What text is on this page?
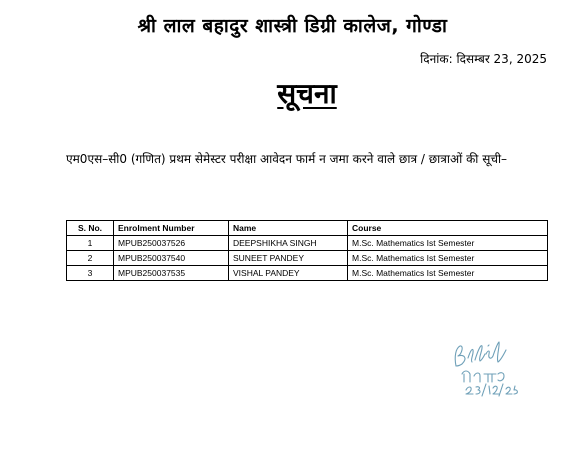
श्री लाल बहादुर शास्त्री डिग्री कालेज, गोण्डा
दिनांक: दिसम्बर 23, 2025
सूचना
एम0एस–सी0 (गणित) प्रथम सेमेस्टर परीक्षा आवेदन फार्म न जमा करने वाले छात्र / छात्राओं की सूची–
S. No.	Enrolment Number	Name	Course
1	MPUB250037526	DEEPSHIKHA SINGH	M.Sc. Mathematics Ist Semester
2	MPUB250037540	SUNEET PANDEY	M.Sc. Mathematics Ist Semester
3	MPUB250037535	VISHAL PANDEY	M.Sc. Mathematics Ist Semester
